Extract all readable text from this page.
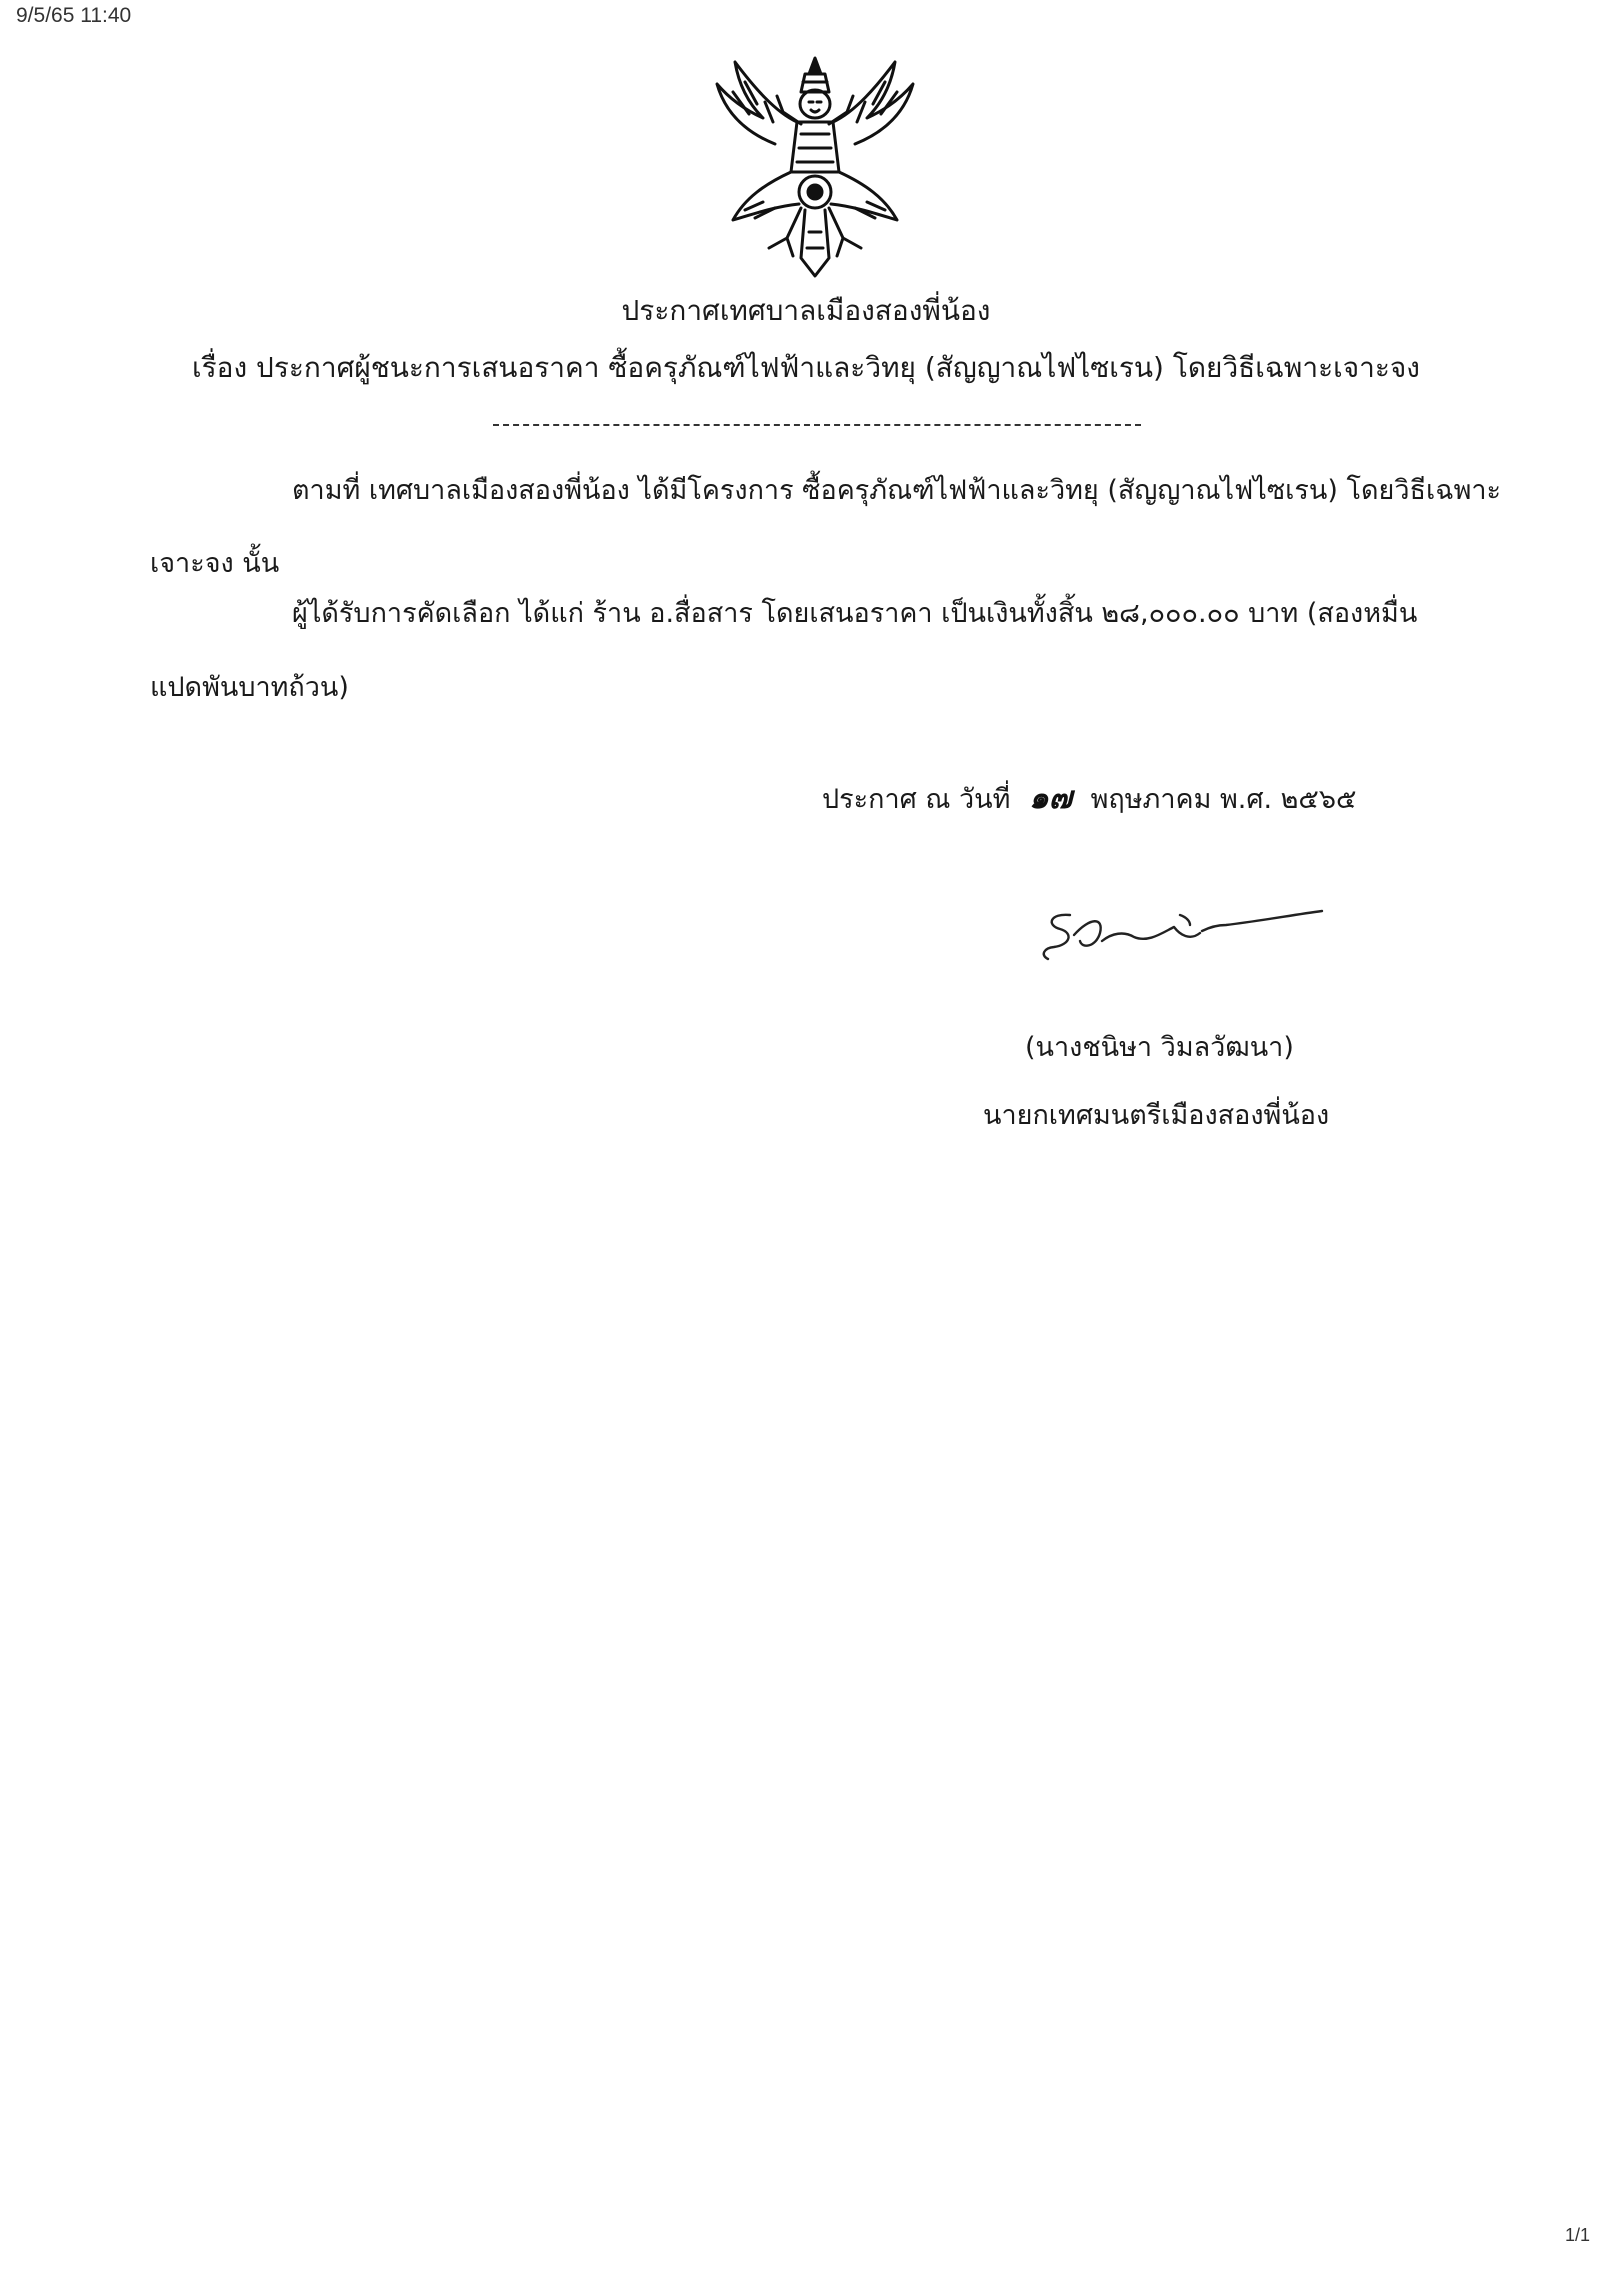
9/5/65 11:40
ประกาศเทศบาลเมืองสองพี่น้อง
เรื่อง ประกาศผู้ชนะการเสนอราคา ซื้อครุภัณฑ์ไฟฟ้าและวิทยุ (สัญญาณไฟไซเรน) โดยวิธีเฉพาะเจาะจง
ตามที่ เทศบาลเมืองสองพี่น้อง ได้มีโครงการ ซื้อครุภัณฑ์ไฟฟ้าและวิทยุ (สัญญาณไฟไซเรน) โดยวิธีเฉพาะ
เจาะจง นั้น
ผู้ได้รับการคัดเลือก ได้แก่ ร้าน อ.สื่อสาร โดยเสนอราคา เป็นเงินทั้งสิ้น ๒๘,๐๐๐.๐๐ บาท (สองหมื่น
แปดพันบาทถ้วน)
ประกาศ ณ วันที่ ๑๗ พฤษภาคม พ.ศ. ๒๕๖๕
(นางชนิษา วิมลวัฒนา)
นายกเทศมนตรีเมืองสองพี่น้อง
1/1
